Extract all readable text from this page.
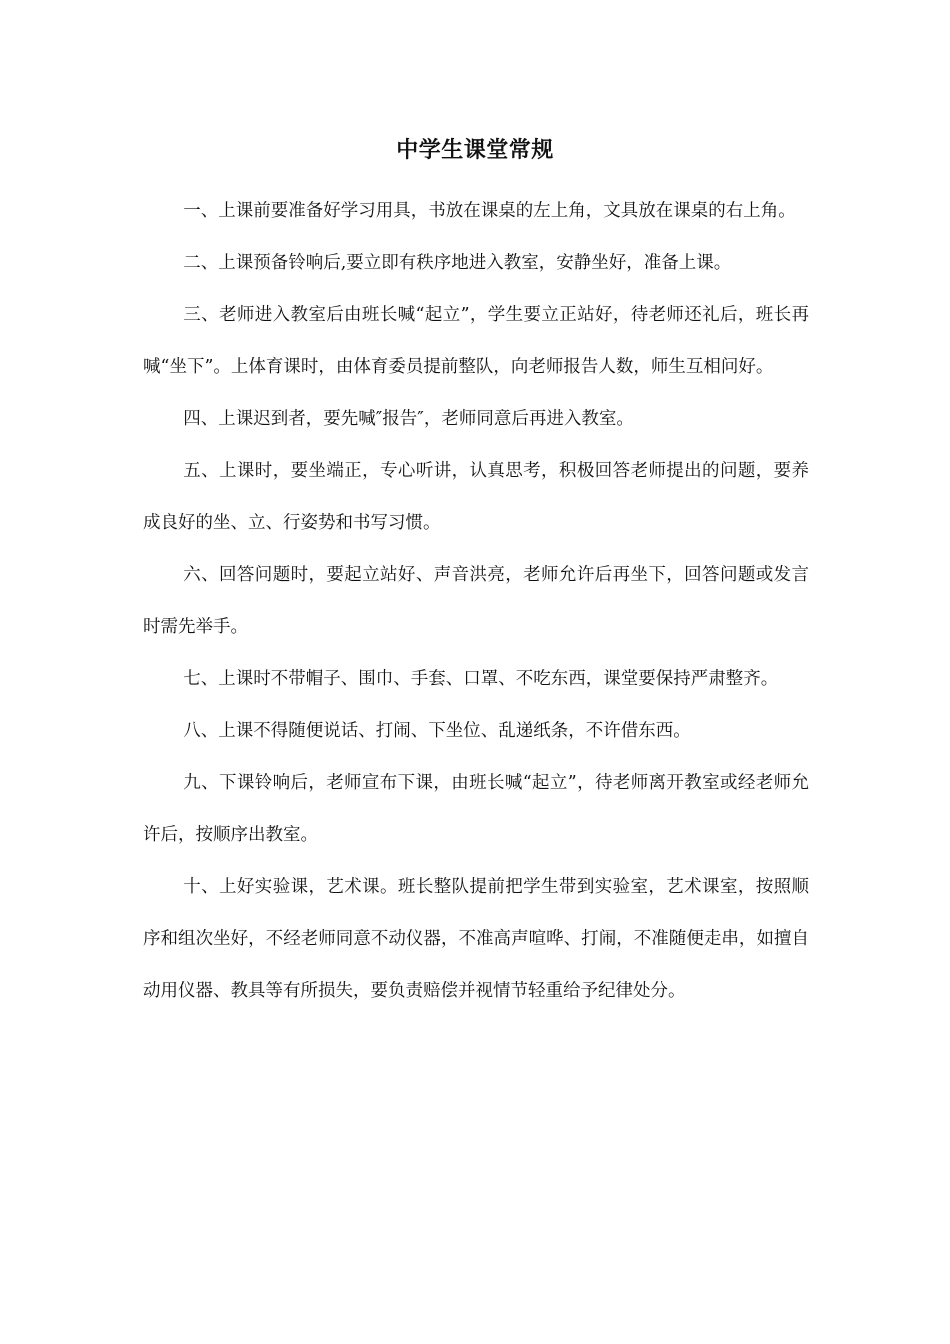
中学生课堂常规

一、上课前要准备好学习用具，书放在课桌的左上角，文具放在课桌的右上角。

二、上课预备铃响后,要立即有秩序地进入教室，安静坐好，准备上课。

三、老师进入教室后由班长喊“起立”，学生要立正站好，待老师还礼后，班长再喊“坐下”。上体育课时，由体育委员提前整队，向老师报告人数，师生互相问好。

四、上课迟到者，要先喊″报告″，老师同意后再进入教室。

五、上课时，要坐端正，专心听讲，认真思考，积极回答老师提出的问题，要养成良好的坐、立、行姿势和书写习惯。

六、回答问题时，要起立站好、声音洪亮，老师允许后再坐下，回答问题或发言时需先举手。

七、上课时不带帽子、围巾、手套、口罩、不吃东西，课堂要保持严肃整齐。

八、上课不得随便说话、打闹、下坐位、乱递纸条，不许借东西。

九、下课铃响后，老师宣布下课，由班长喊“起立”，待老师离开教室或经老师允许后，按顺序出教室。

十、上好实验课，艺术课。班长整队提前把学生带到实验室，艺术课室，按照顺序和组次坐好，不经老师同意不动仪器，不准高声喧哗、打闹，不准随便走串，如擅自动用仪器、教具等有所损失，要负责赔偿并视情节轻重给予纪律处分。
